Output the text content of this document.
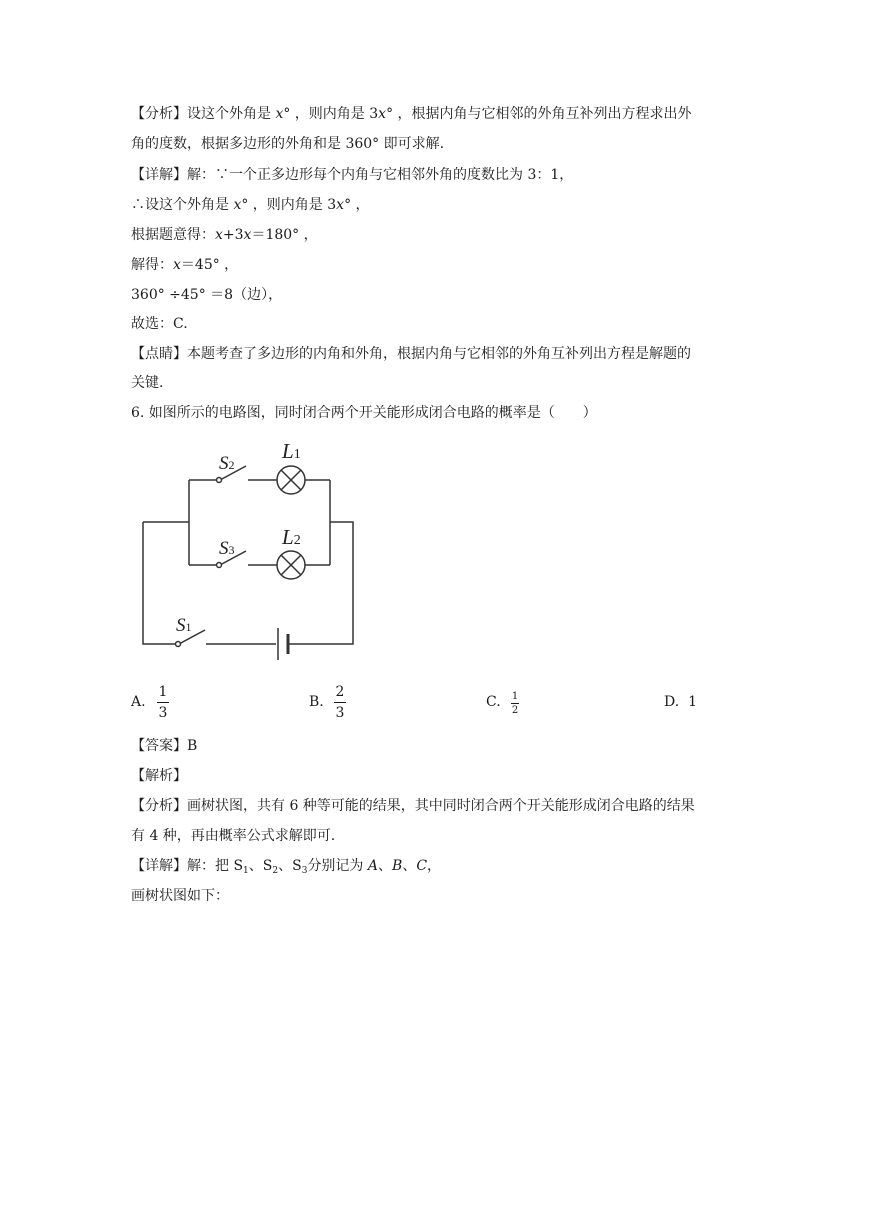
【分析】设这个外角是 x° ，则内角是 3x° ，根据内角与它相邻的外角互补列出方程求出外
角的度数，根据多边形的外角和是 360° 即可求解.
【详解】解：∵一个正多边形每个内角与它相邻外角的度数比为 3：1，
∴设这个外角是 x° ，则内角是 3x° ，
根据题意得：x+3x＝180° ，
解得：x＝45° ，
360° ÷45° ＝8（边），
故选：C.
【点睛】本题考查了多边形的内角和外角，根据内角与它相邻的外角互补列出方程是解题的
关键.
6. 如图所示的电路图，同时闭合两个开关能形成闭合电路的概率是（　　）
S2
S3
S1
L1
L2
A.
1
3
B.
2
3
C. 1
2
D. 1
【答案】B
【解析】
【分析】画树状图，共有 6 种等可能的结果，其中同时闭合两个开关能形成闭合电路的结果
有 4 种，再由概率公式求解即可.
【详解】解：把 $S_1$、$S_2$、$S_3$分别记为 A、B、C，
画树状图如下：
